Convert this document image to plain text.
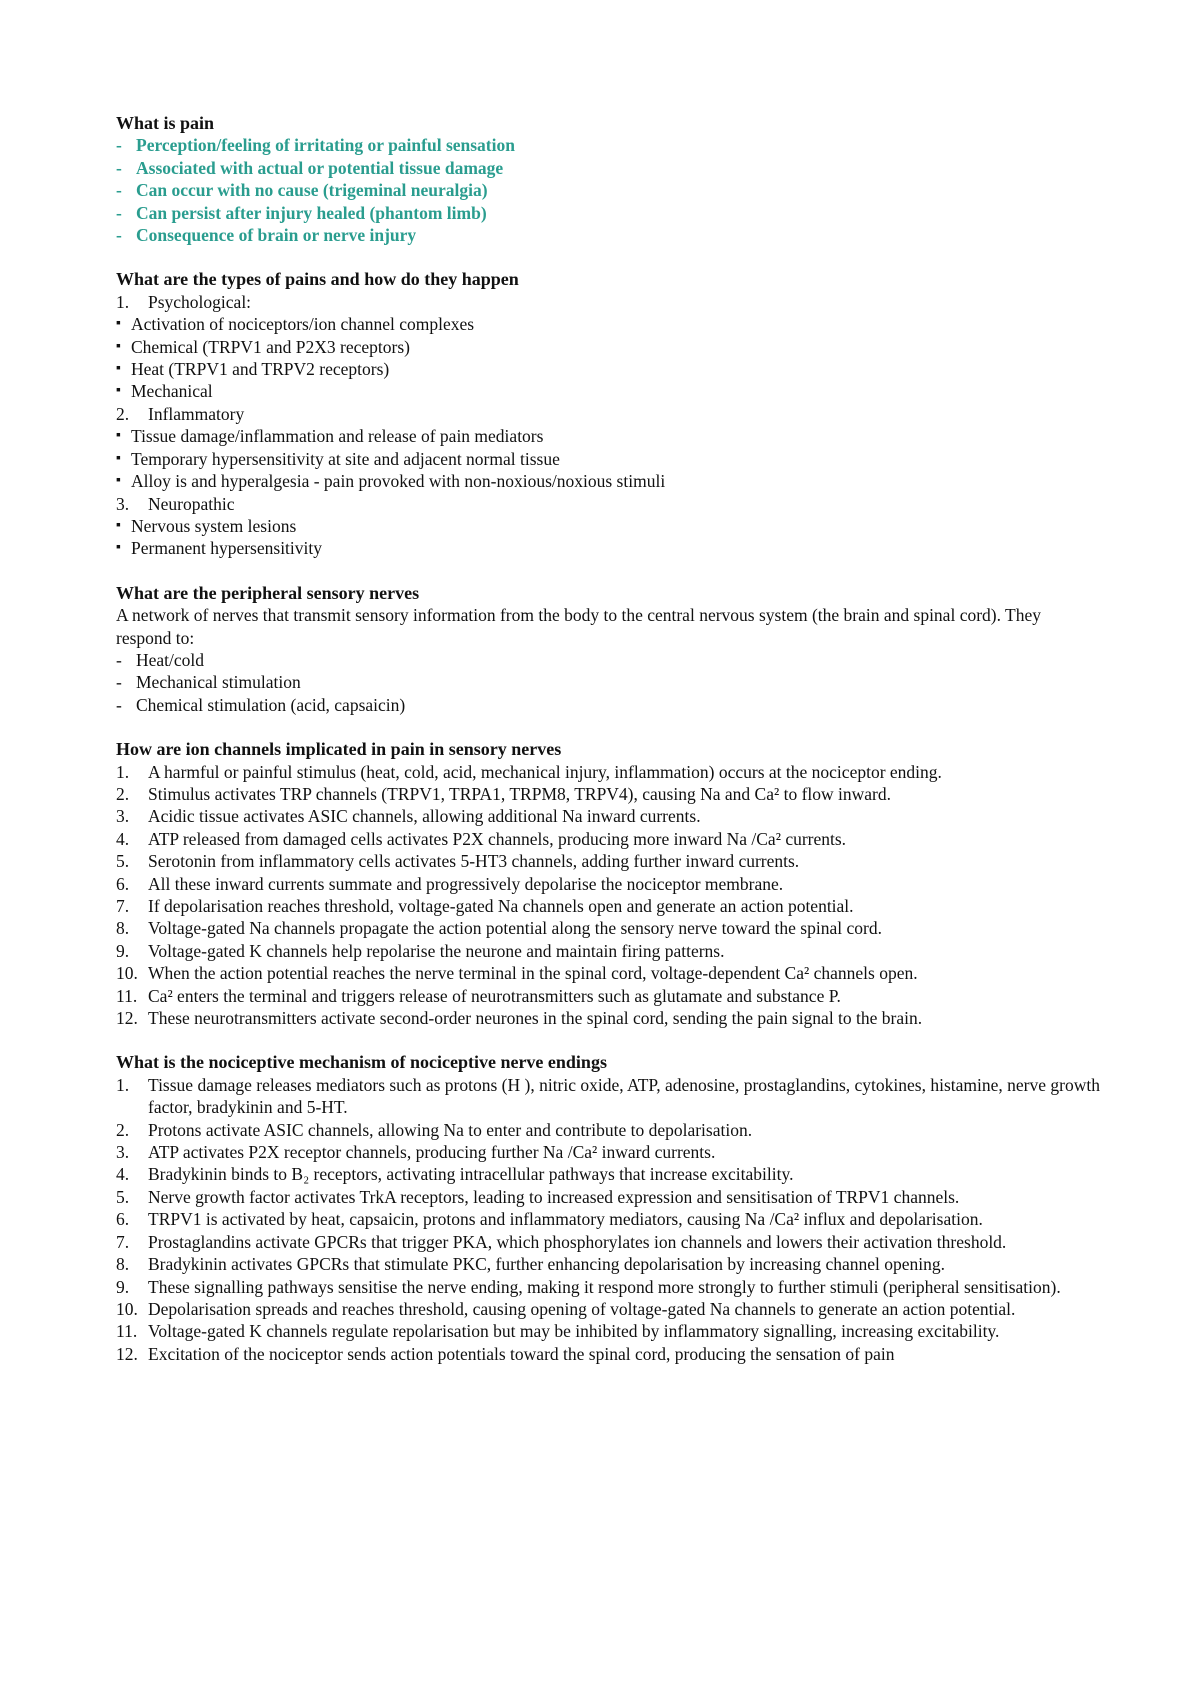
What is pain

- Perception/feeling of irritating or painful sensation
- Associated with actual or potential tissue damage
- Can occur with no cause (trigeminal neuralgia)
- Can persist after injury healed (phantom limb)
- Consequence of brain or nerve injury

What are the types of pains and how do they happen

1.	Psychological:
▪ Activation of nociceptors/ion channel complexes
▪ Chemical (TRPV1 and P2X3 receptors)
▪ Heat (TRPV1 and TRPV2 receptors)
▪ Mechanical
2.	Inflammatory
▪ Tissue damage/inflammation and release of pain mediators
▪ Temporary hypersensitivity at site and adjacent normal tissue
▪ Alloy is and hyperalgesia - pain provoked with non-noxious/noxious stimuli
3.	Neuropathic
▪ Nervous system lesions
▪ Permanent hypersensitivity

What are the peripheral sensory nerves

A network of nerves that transmit sensory information from the body to the central nervous system (the brain and spinal cord). They respond to:

- Heat/cold
- Mechanical stimulation
- Chemical stimulation (acid, capsaicin)

How are ion channels implicated in pain in sensory nerves

1.	A harmful or painful stimulus (heat, cold, acid, mechanical injury, inflammation) occurs at the nociceptor ending.
2.	Stimulus activates TRP channels (TRPV1, TRPA1, TRPM8, TRPV4), causing Na and Ca² to flow inward.
3.	Acidic tissue activates ASIC channels, allowing additional Na inward currents.
4.	ATP released from damaged cells activates P2X channels, producing more inward Na /Ca² currents.
5.	Serotonin from inflammatory cells activates 5-HT3 channels, adding further inward currents.
6.	All these inward currents summate and progressively depolarise the nociceptor membrane.
7.	If depolarisation reaches threshold, voltage-gated Na channels open and generate an action potential.
8.	Voltage-gated Na channels propagate the action potential along the sensory nerve toward the spinal cord.
9.	Voltage-gated K channels help repolarise the neurone and maintain firing patterns.
10. When the action potential reaches the nerve terminal in the spinal cord, voltage-dependent Ca² channels open.
11. Ca² enters the terminal and triggers release of neurotransmitters such as glutamate and substance P.
12. These neurotransmitters activate second-order neurones in the spinal cord, sending the pain signal to the brain.

What is the nociceptive mechanism of nociceptive nerve endings

1.	Tissue damage releases mediators such as protons (H ), nitric oxide, ATP, adenosine, prostaglandins, cytokines, histamine, nerve growth factor, bradykinin and 5-HT.
2.	Protons activate ASIC channels, allowing Na to enter and contribute to depolarisation.
3.	ATP activates P2X receptor channels, producing further Na /Ca² inward currents.
4.	Bradykinin binds to B₂ receptors, activating intracellular pathways that increase excitability.
5.	Nerve growth factor activates TrkA receptors, leading to increased expression and sensitisation of TRPV1 channels.
6.	TRPV1 is activated by heat, capsaicin, protons and inflammatory mediators, causing Na /Ca² influx and depolarisation.
7.	Prostaglandins activate GPCRs that trigger PKA, which phosphorylates ion channels and lowers their activation threshold.
8.	Bradykinin activates GPCRs that stimulate PKC, further enhancing depolarisation by increasing channel opening.
9.	These signalling pathways sensitise the nerve ending, making it respond more strongly to further stimuli (peripheral sensitisation).
10. Depolarisation spreads and reaches threshold, causing opening of voltage-gated Na channels to generate an action potential.
11. Voltage-gated K channels regulate repolarisation but may be inhibited by inflammatory signalling, increasing excitability.
12. Excitation of the nociceptor sends action potentials toward the spinal cord, producing the sensation of pain
